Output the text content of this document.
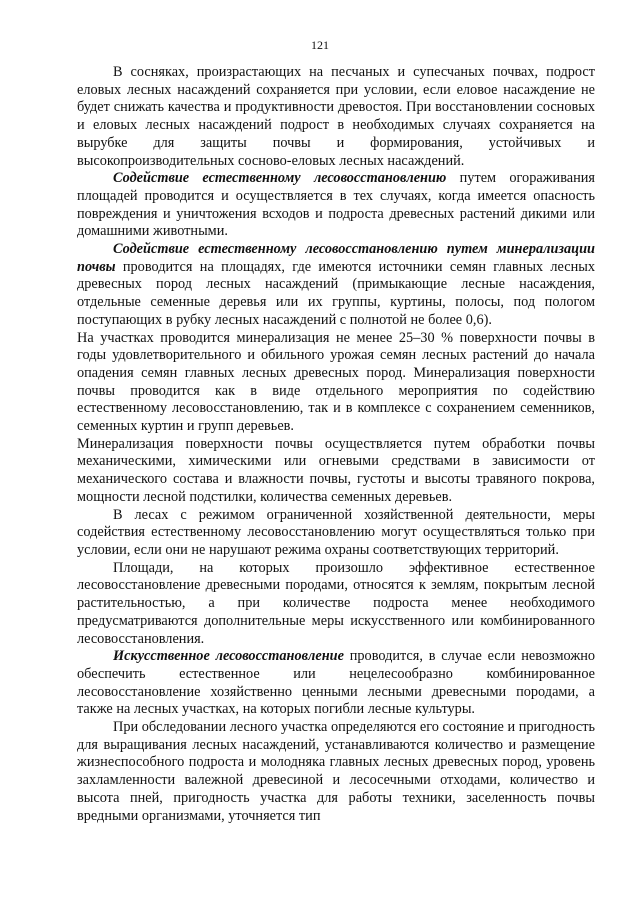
121

В сосняках, произрастающих на песчаных и супесчаных почвах, подрост еловых лесных насаждений сохраняется при условии, если еловое насаждение не будет снижать качества и продуктивности древостоя. При восстановлении сосновых и еловых лесных насаждений подрост в необходимых случаях сохраняется на вырубке для защиты почвы и формирования, устойчивых и высокопроизводительных сосново-еловых лесных насаждений.

Содействие естественному лесовосстановлению путем огораживания площадей проводится и осуществляется в тех случаях, когда имеется опасность повреждения и уничтожения всходов и подроста древесных растений дикими или домашними животными.

Содействие естественному лесовосстановлению путем минерализации почвы проводится на площадях, где имеются источники семян главных лесных древесных пород лесных насаждений (примыкающие лесные насаждения, отдельные семенные деревья или их группы, куртины, полосы, под пологом поступающих в рубку лесных насаждений с полнотой не более 0,6).

На участках проводится минерализация не менее 25–30 % поверхности почвы в годы удовлетворительного и обильного урожая семян лесных растений до начала опадения семян главных лесных древесных пород. Минерализация поверхности почвы проводится как в виде отдельного мероприятия по содействию естественному лесовосстановлению, так и в комплексе с сохранением семенников, семенных куртин и групп деревьев.

Минерализация поверхности почвы осуществляется путем обработки почвы механическими, химическими или огневыми средствами в зависимости от механического состава и влажности почвы, густоты и высоты травяного покрова, мощности лесной подстилки, количества семенных деревьев.

В лесах с режимом ограниченной хозяйственной деятельности, меры содействия естественному лесовосстановлению могут осуществляться только при условии, если они не нарушают режима охраны соответствующих территорий.

Площади, на которых произошло эффективное естественное лесовосстановление древесными породами, относятся к землям, покрытым лесной растительностью, а при количестве подроста менее необходимого предусматриваются дополнительные меры искусственного или комбинированного лесовосстановления.

Искусственное лесовосстановление проводится, в случае если невозможно обеспечить естественное или нецелесообразно комбинированное лесовосстановление хозяйственно ценными лесными древесными породами, а также на лесных участках, на которых погибли лесные культуры.

При обследовании лесного участка определяются его состояние и пригодность для выращивания лесных насаждений, устанавливаются количество и размещение жизнеспособного подроста и молодняка главных лесных древесных пород, уровень захламленности валежной древесиной и лесосечными отходами, количество и высота пней, пригодность участка для работы техники, заселенность почвы вредными организмами, уточняется тип
